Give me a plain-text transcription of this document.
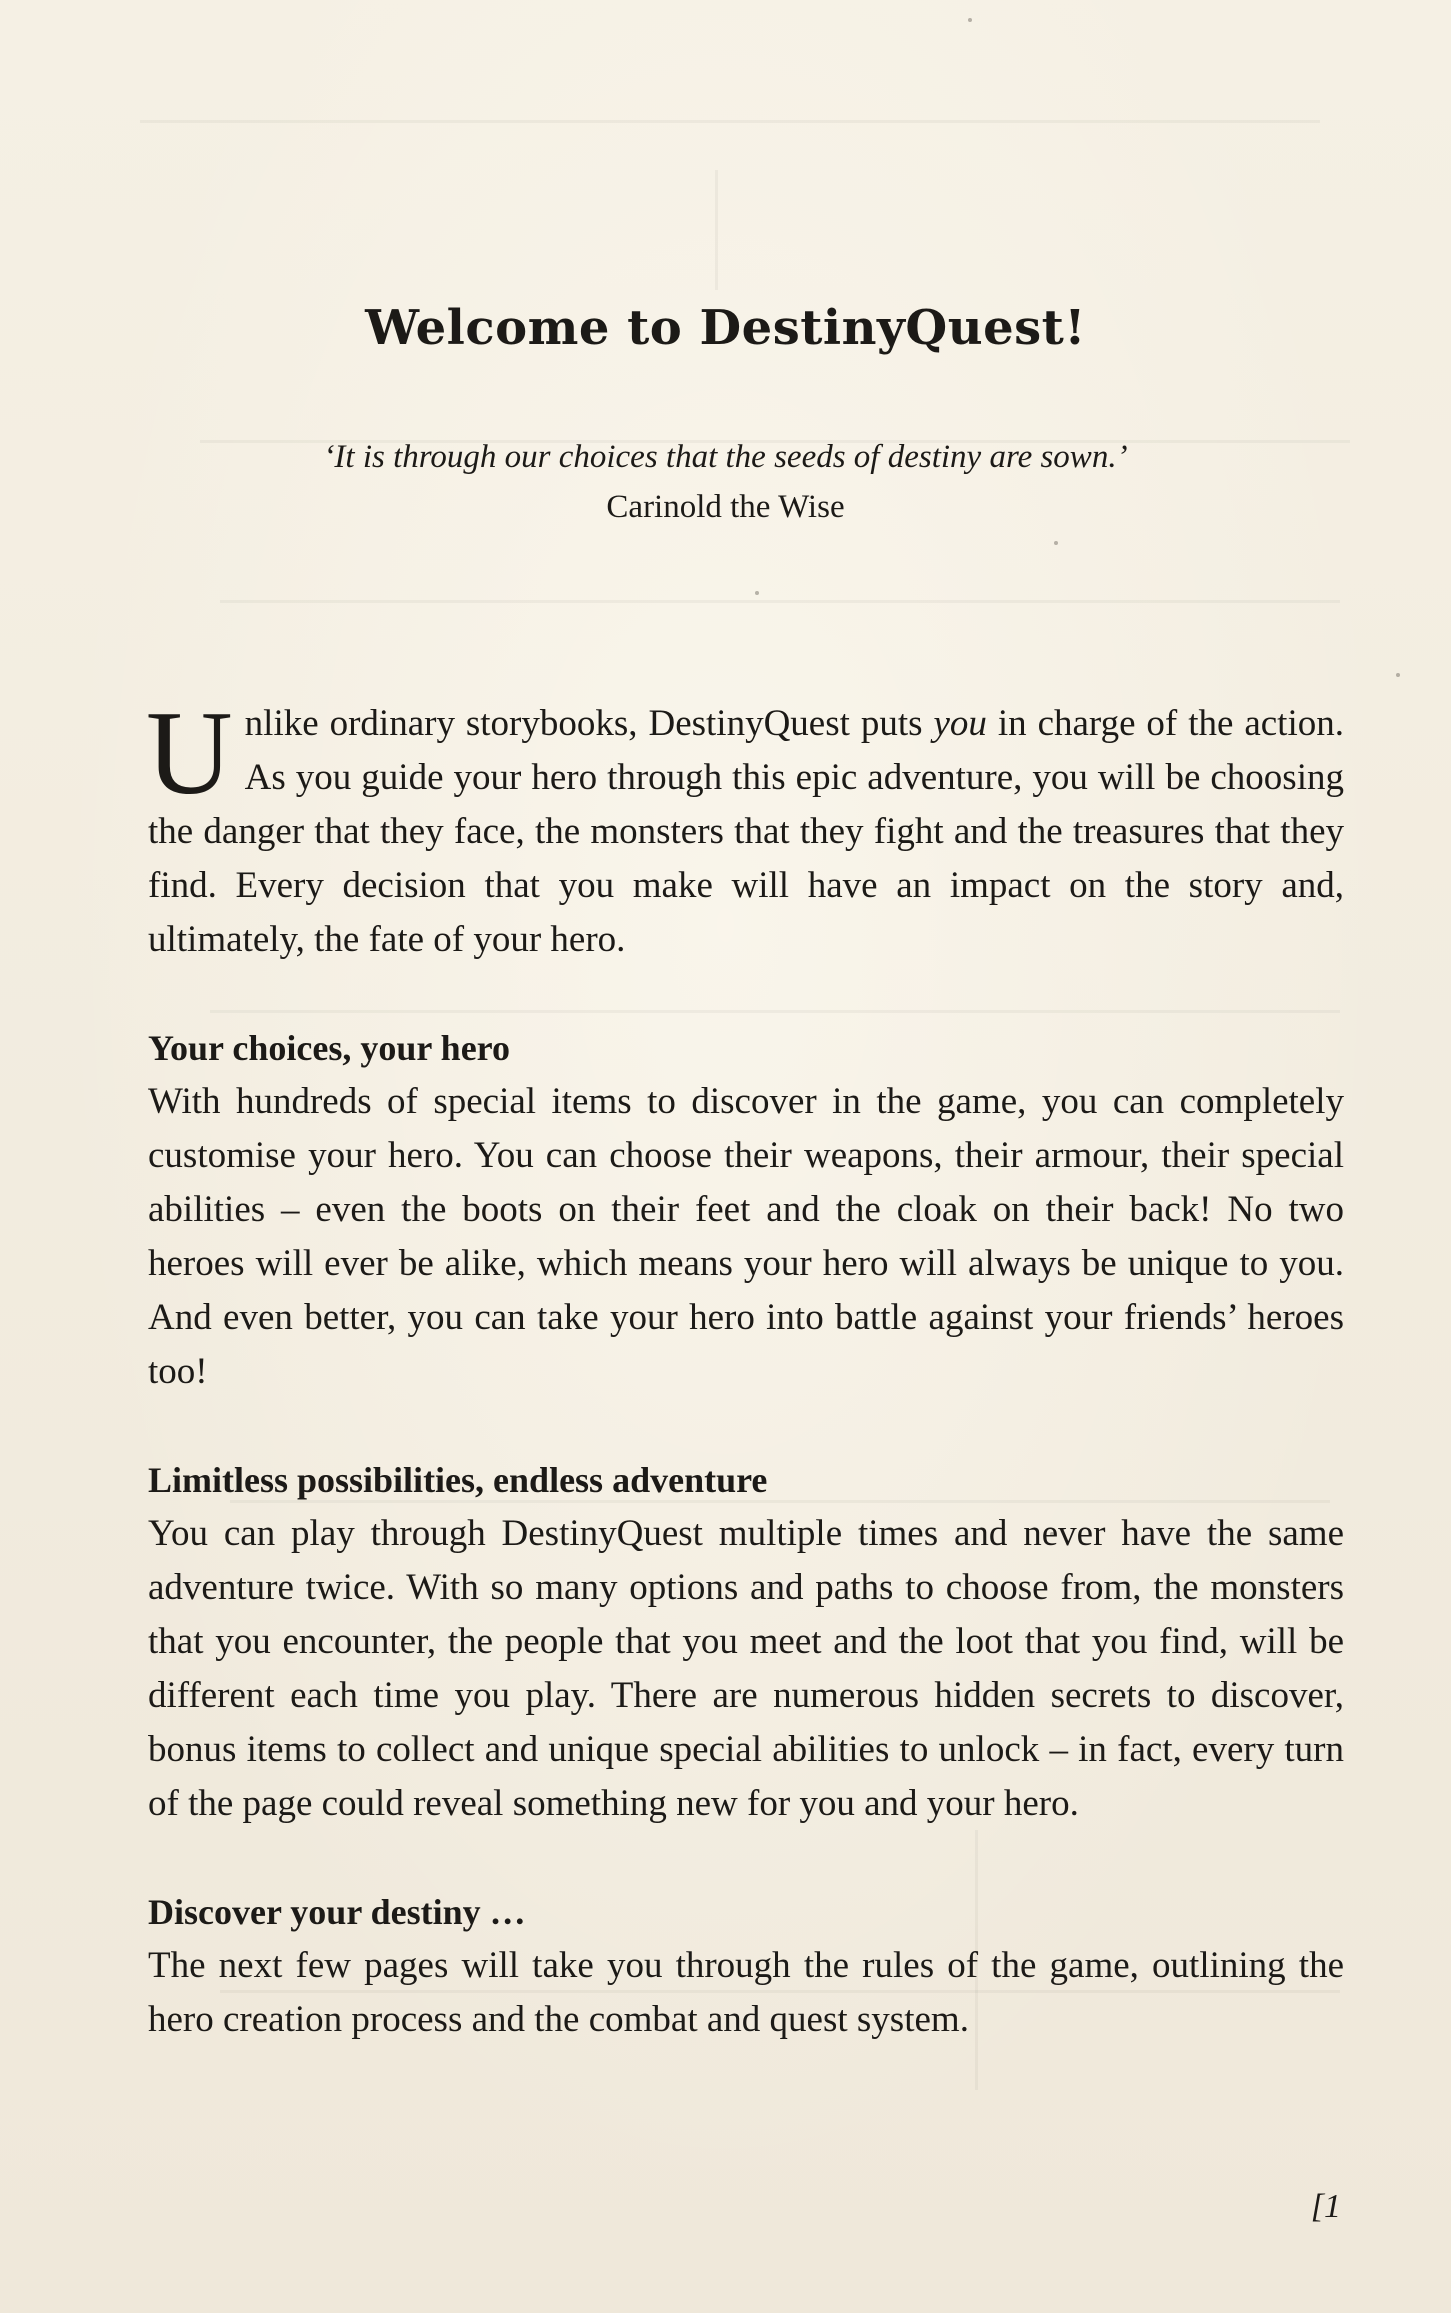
Welcome to DestinyQuest!
‘It is through our choices that the seeds of destiny are sown.’
Carinold the Wise

Unlike ordinary storybooks, DestinyQuest puts you in charge of the action. As you guide your hero through this epic adventure, you will be choosing the danger that they face, the monsters that they fight and the treasures that they find. Every decision that you make will have an impact on the story and, ultimately, the fate of your hero.

Your choices, your hero

With hundreds of special items to discover in the game, you can completely customise your hero. You can choose their weapons, their armour, their special abilities – even the boots on their feet and the cloak on their back! No two heroes will ever be alike, which means your hero will always be unique to you. And even better, you can take your hero into battle against your friends’ heroes too!

Limitless possibilities, endless adventure

You can play through DestinyQuest multiple times and never have the same adventure twice. With so many options and paths to choose from, the monsters that you encounter, the people that you meet and the loot that you find, will be different each time you play. There are numerous hidden secrets to discover, bonus items to collect and unique special abilities to unlock – in fact, every turn of the page could reveal something new for you and your hero.

Discover your destiny …

The next few pages will take you through the rules of the game, outlining the hero creation process and the combat and quest system.

[1
